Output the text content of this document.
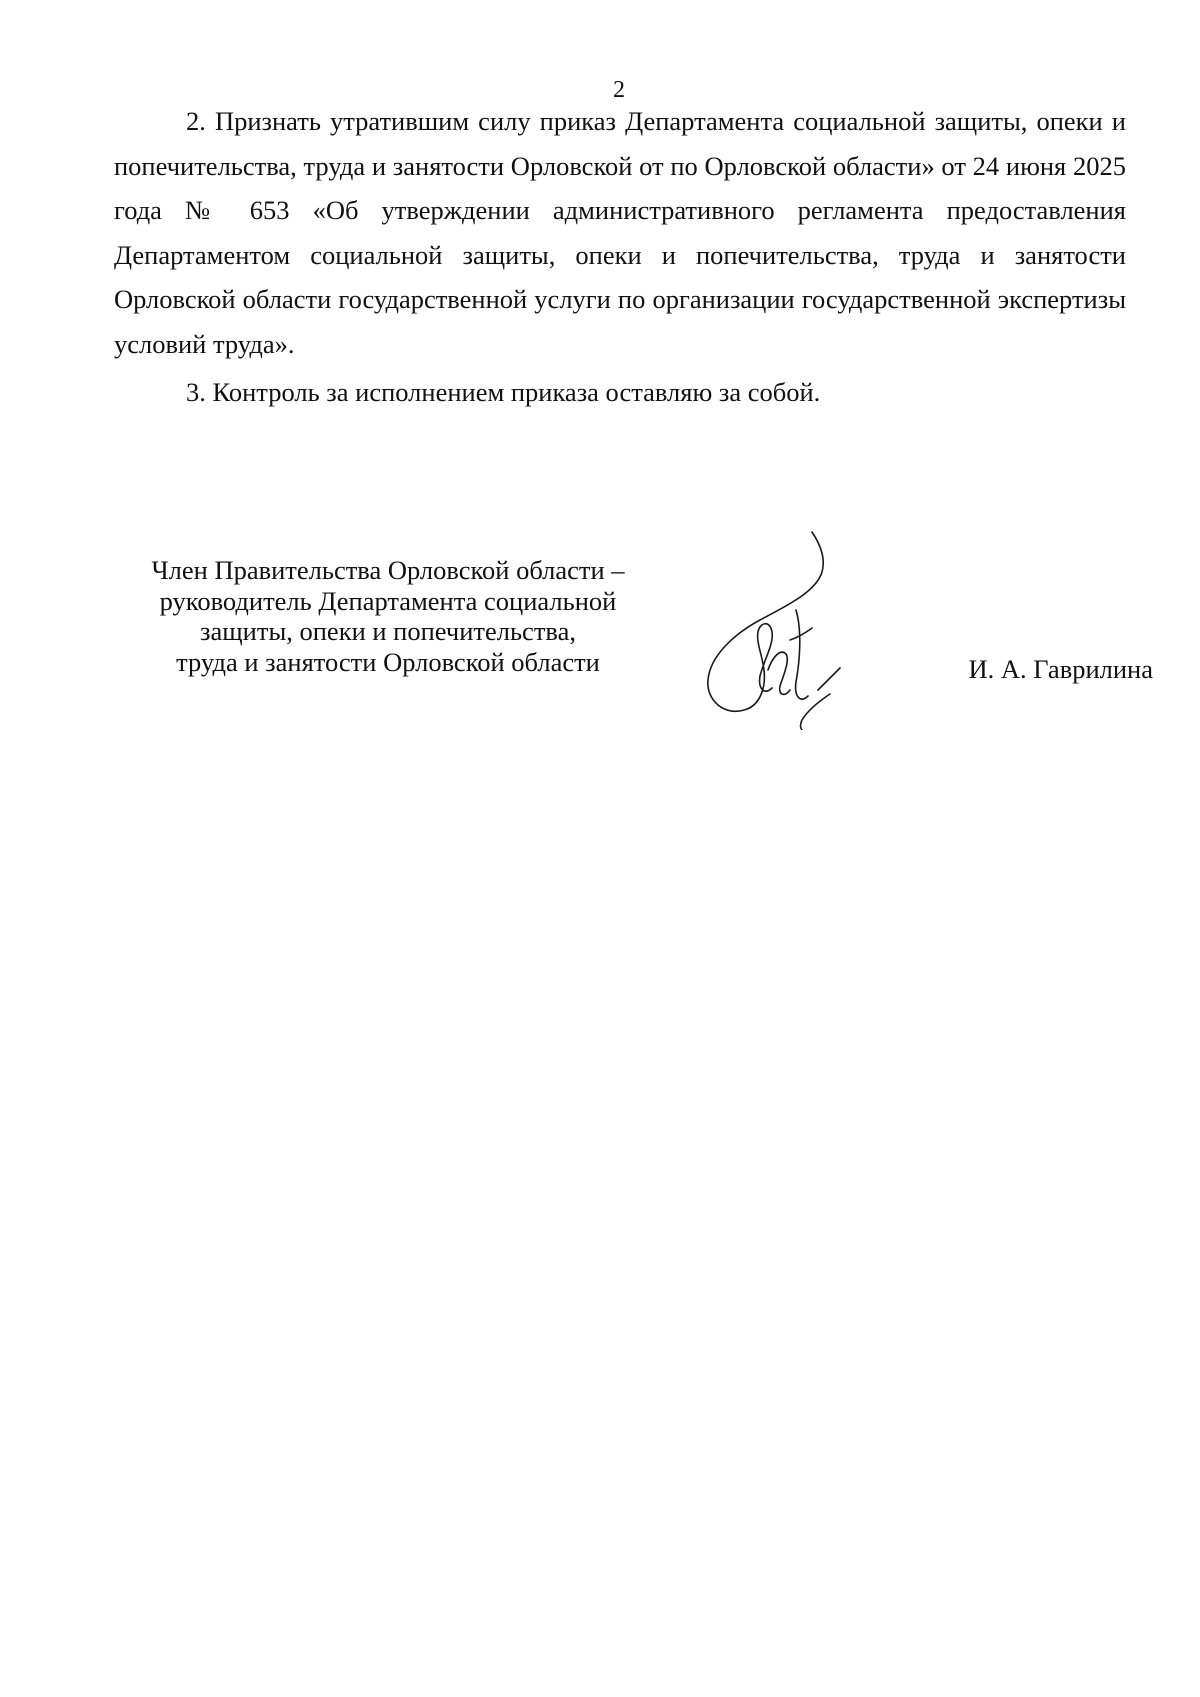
2

2. Признать утратившим силу приказ Департамента социальной защиты, опеки и попечительства, труда и занятости Орловской от по Орловской области» от 24 июня 2025 года № 653 «Об утверждении административного регламента предоставления Департаментом социальной защиты, опеки и попечительства, труда и занятости Орловской области государственной услуги по организации государственной экспертизы условий труда».

3. Контроль за исполнением приказа оставляю за собой.

Член Правительства Орловской области –
руководитель Департамента социальной
защиты, опеки и попечительства,
труда и занятости Орловской области	И. А. Гаврилина
